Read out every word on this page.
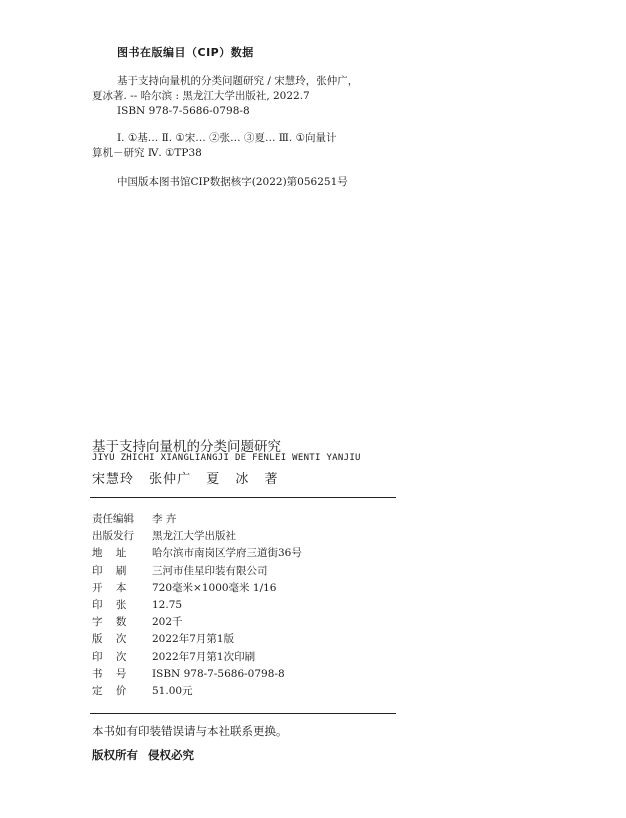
图书在版编目（CIP）数据
基于支持向量机的分类问题研究 / 宋慧玲，张仲广，
夏冰著. -- 哈尔滨 : 黑龙江大学出版社, 2022.7
ISBN 978-7-5686-0798-8
Ⅰ. ①基… Ⅱ. ①宋… ②张… ③夏… Ⅲ. ①向量计
算机－研究 Ⅳ. ①TP38
中国版本图书馆CIP数据核字(2022)第056251号
基于支持向量机的分类问题研究
JIYU ZHICHI XIANGLIANGJI DE FENLEI WENTI YANJIU
宋慧玲 张仲广 夏 冰 著
责任编辑 李 卉
出版发行 黑龙江大学出版社
地    址 哈尔滨市南岗区学府三道街36号
印    刷 三河市佳星印装有限公司
开    本 720毫米×1000毫米 1/16
印    张 12.75
字    数 202千
版    次 2022年7月第1版
印    次 2022年7月第1次印刷
书    号 ISBN 978-7-5686-0798-8
定    价 51.00元
本书如有印装错误请与本社联系更换。
版权所有 侵权必究
